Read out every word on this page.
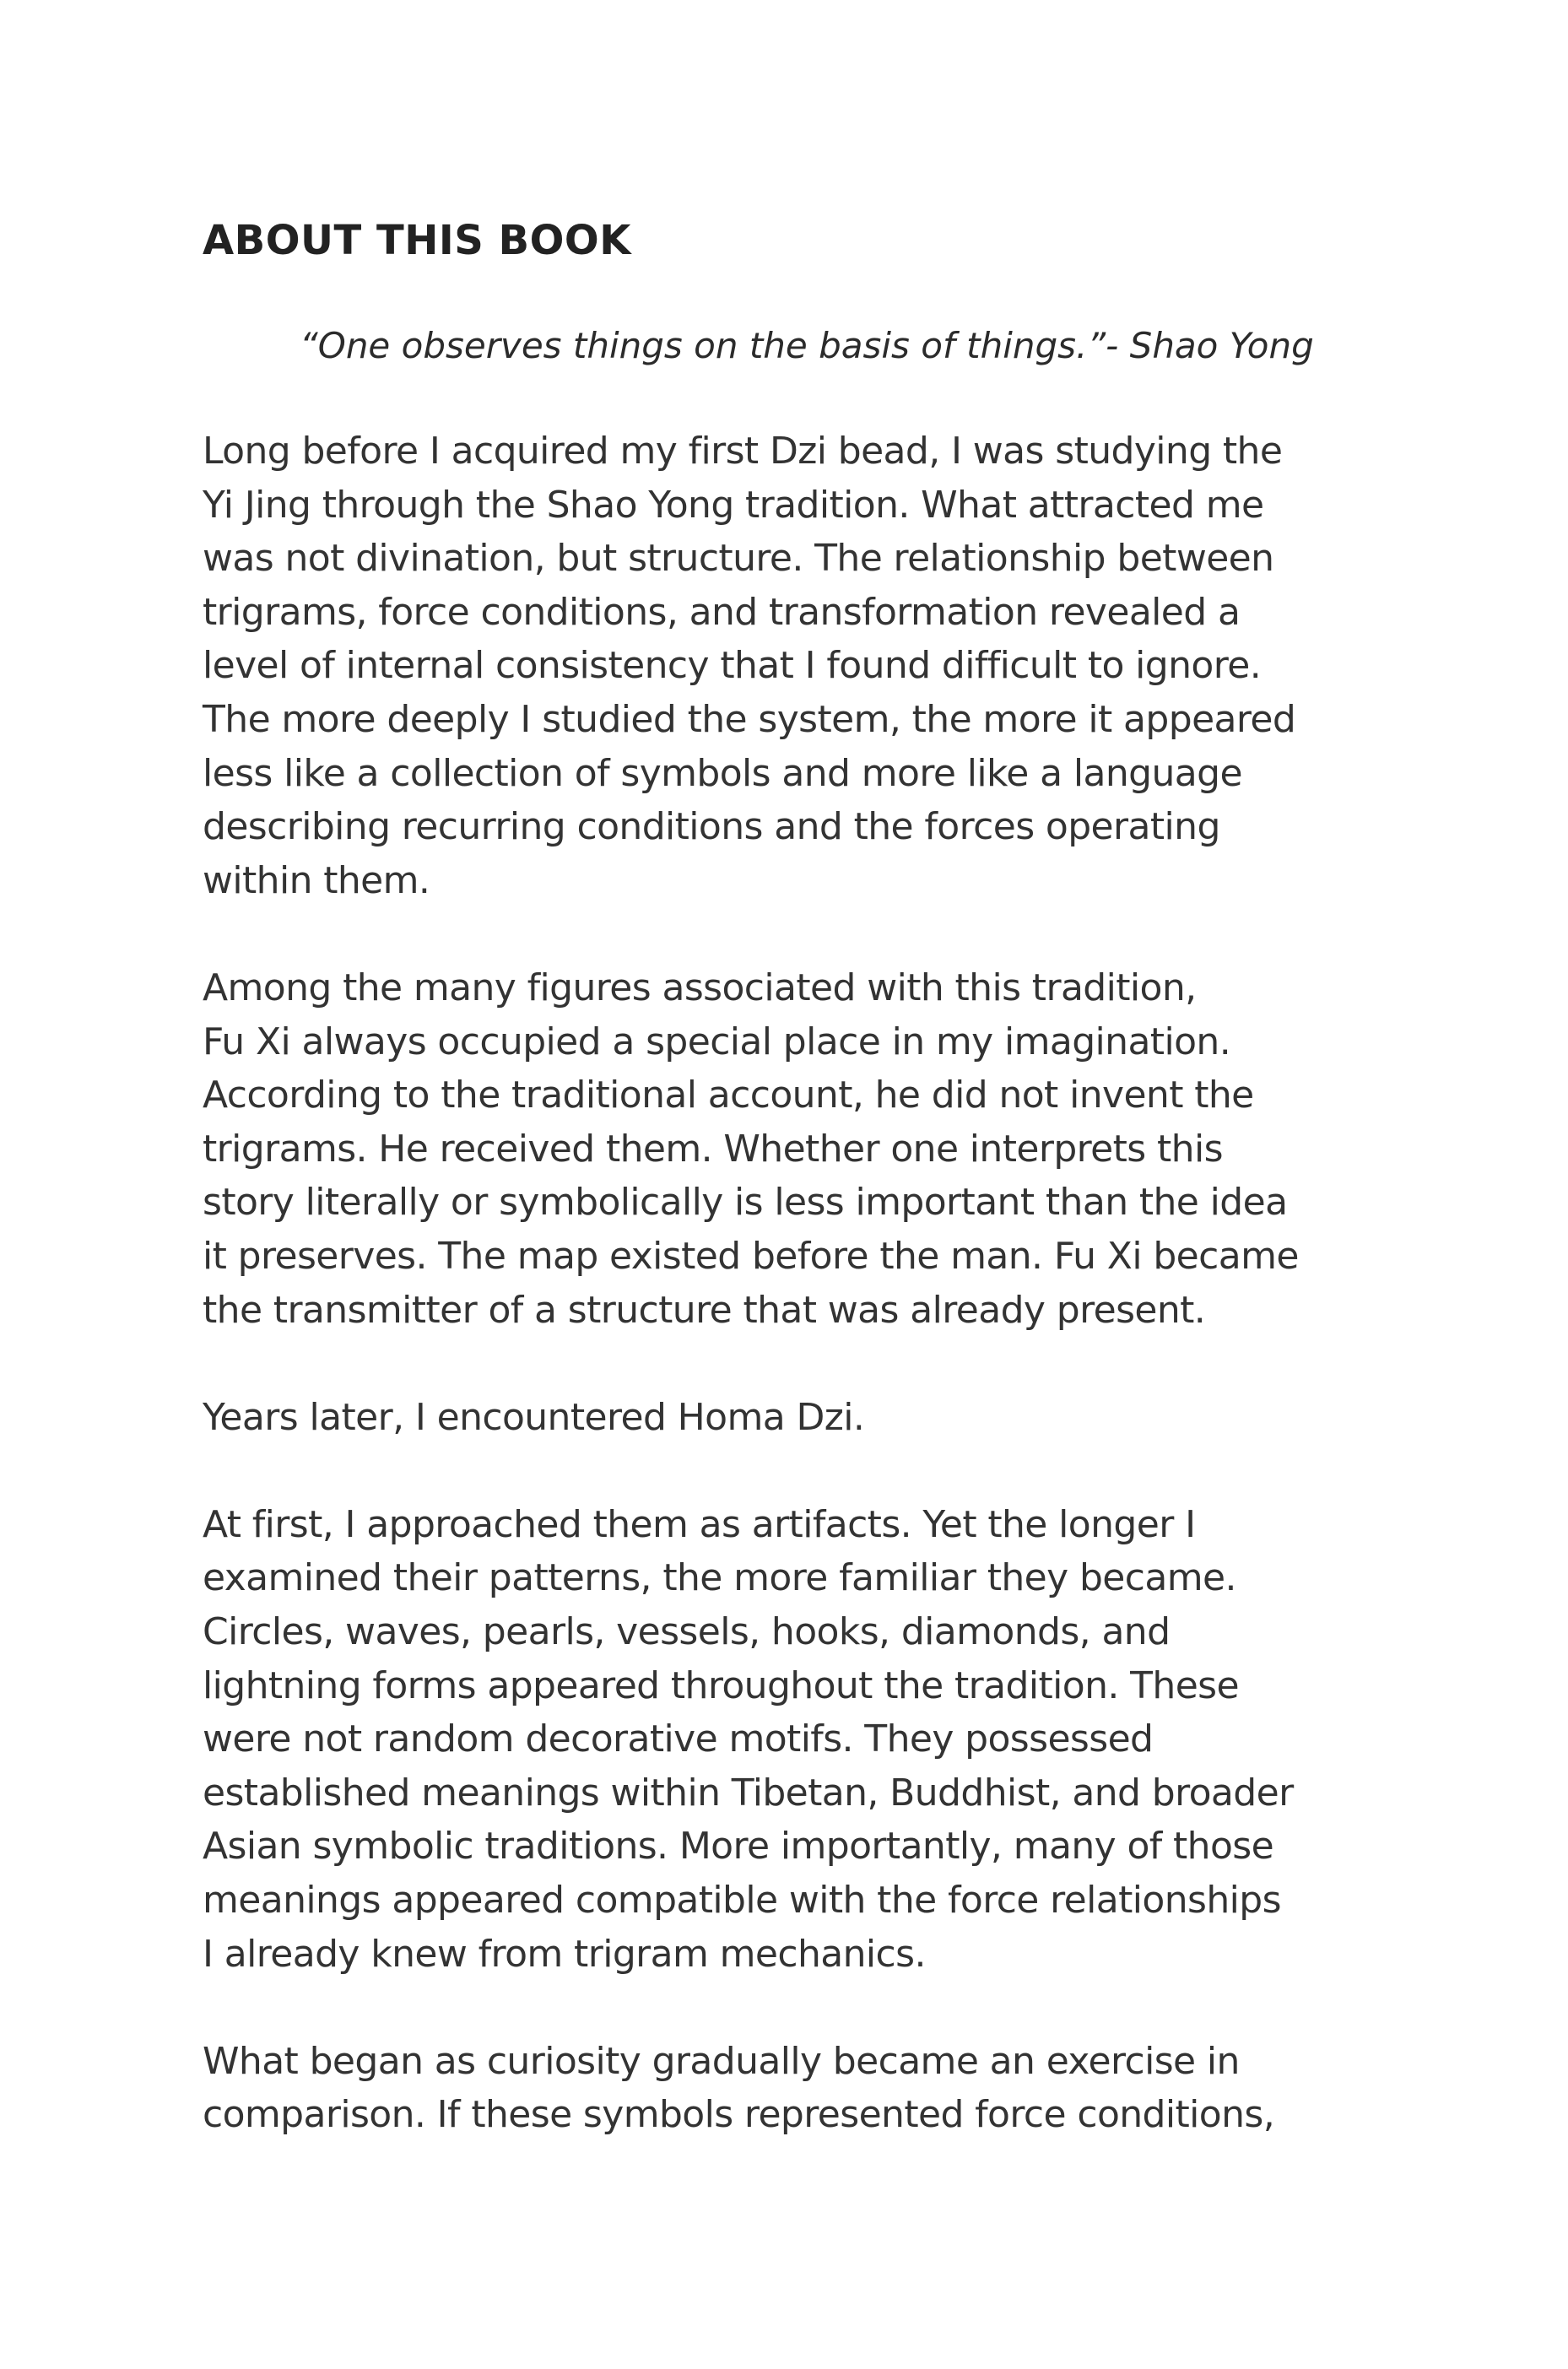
ABOUT THIS BOOK

“One observes things on the basis of things.”- Shao Yong

Long before I acquired my first Dzi bead, I was studying the
Yi Jing through the Shao Yong tradition. What attracted me
was not divination, but structure. The relationship between
trigrams, force conditions, and transformation revealed a
level of internal consistency that I found difficult to ignore.
The more deeply I studied the system, the more it appeared
less like a collection of symbols and more like a language
describing recurring conditions and the forces operating
within them.

Among the many figures associated with this tradition,
Fu Xi always occupied a special place in my imagination.
According to the traditional account, he did not invent the
trigrams. He received them. Whether one interprets this
story literally or symbolically is less important than the idea
it preserves. The map existed before the man. Fu Xi became
the transmitter of a structure that was already present.

Years later, I encountered Homa Dzi.

At first, I approached them as artifacts. Yet the longer I
examined their patterns, the more familiar they became.
Circles, waves, pearls, vessels, hooks, diamonds, and
lightning forms appeared throughout the tradition. These
were not random decorative motifs. They possessed
established meanings within Tibetan, Buddhist, and broader
Asian symbolic traditions. More importantly, many of those
meanings appeared compatible with the force relationships
I already knew from trigram mechanics.

What began as curiosity gradually became an exercise in
comparison. If these symbols represented force conditions,
